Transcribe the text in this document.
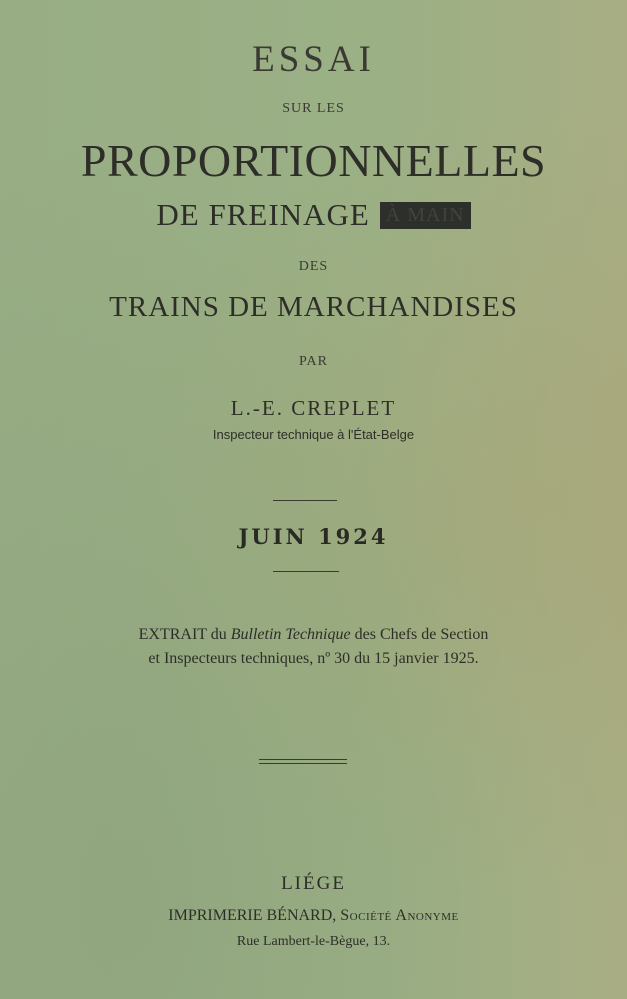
ESSAI
SUR LES
PROPORTIONNELLES
DE FREINAGE À MAIN
DES
TRAINS DE MARCHANDISES
PAR
L.-E. CREPLET
Inspecteur technique à l'État-Belge
JUIN 1924
EXTRAIT du Bulletin Technique des Chefs de Section
et Inspecteurs techniques, nº 30 du 15 janvier 1925.
LIÉGE
IMPRIMERIE BÉNARD, Société Anonyme
Rue Lambert-le-Bègue, 13.
